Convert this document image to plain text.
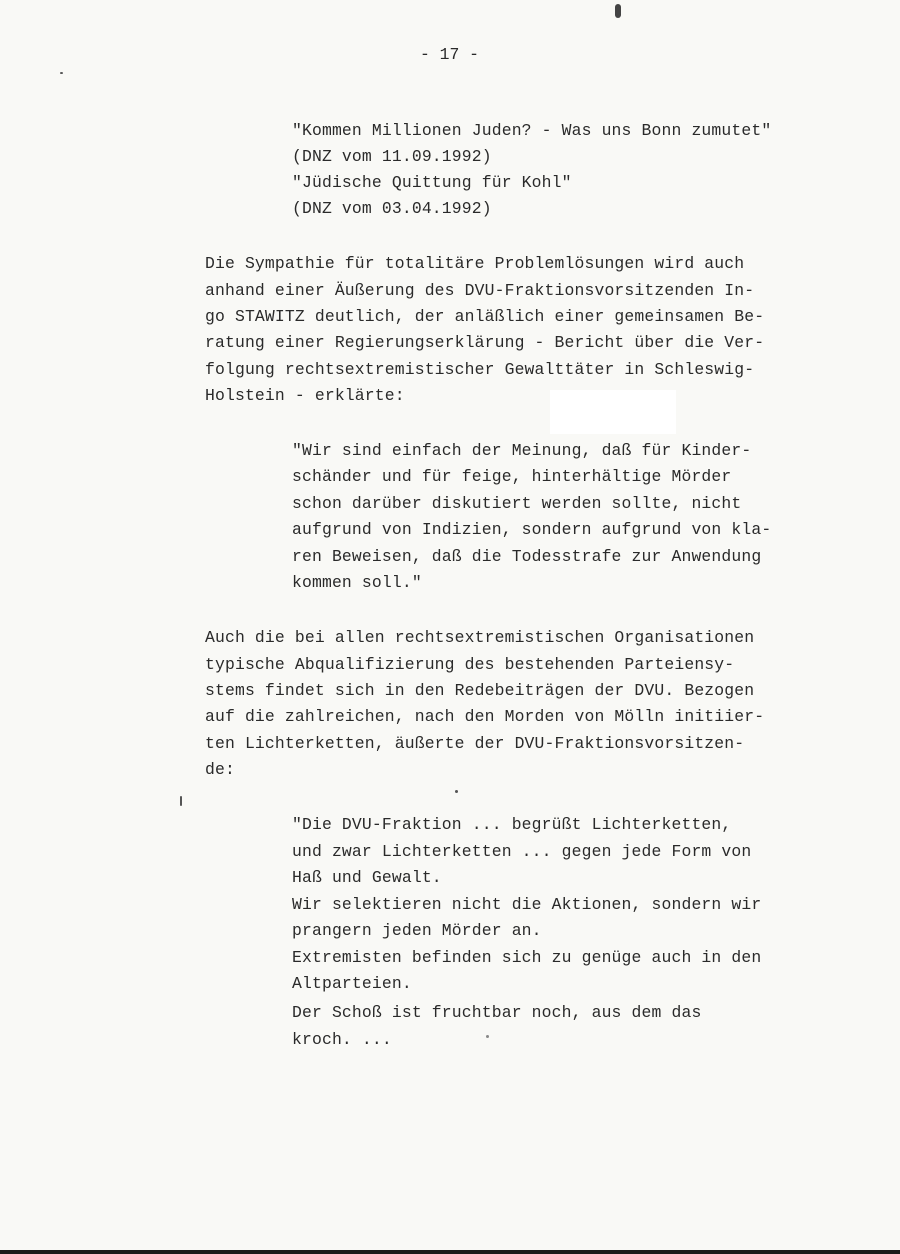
- 17 -
"Kommen Millionen Juden? - Was uns Bonn zumutet"
(DNZ vom 11.09.1992)
"Jüdische Quittung für Kohl"
(DNZ vom 03.04.1992)
Die Sympathie für totalitäre Problemlösungen wird auch
anhand einer Äußerung des DVU-Fraktionsvorsitzenden In-
go STAWITZ deutlich, der anläßlich einer gemeinsamen Be-
ratung einer Regierungserklärung - Bericht über die Ver-
folgung rechtsextremistischer Gewalttäter in Schleswig-
Holstein - erklärte:
"Wir sind einfach der Meinung, daß für Kinder-
schänder und für feige, hinterhältige Mörder
schon darüber diskutiert werden sollte, nicht
aufgrund von Indizien, sondern aufgrund von kla-
ren Beweisen, daß die Todesstrafe zur Anwendung
kommen soll."
Auch die bei allen rechtsextremistischen Organisationen
typische Abqualifizierung des bestehenden Parteiensy-
stems findet sich in den Redebeiträgen der DVU. Bezogen
auf die zahlreichen, nach den Morden von Mölln initiier-
ten Lichterketten, äußerte der DVU-Fraktionsvorsitzen-
de:
"Die DVU-Fraktion ... begrüßt Lichterketten,
und zwar Lichterketten ... gegen jede Form von
Haß und Gewalt.
Wir selektieren nicht die Aktionen, sondern wir
prangern jeden Mörder an.
Extremisten befinden sich zu genüge auch in den
Altparteien.
Der Schoß ist fruchtbar noch, aus dem das
kroch. ...
